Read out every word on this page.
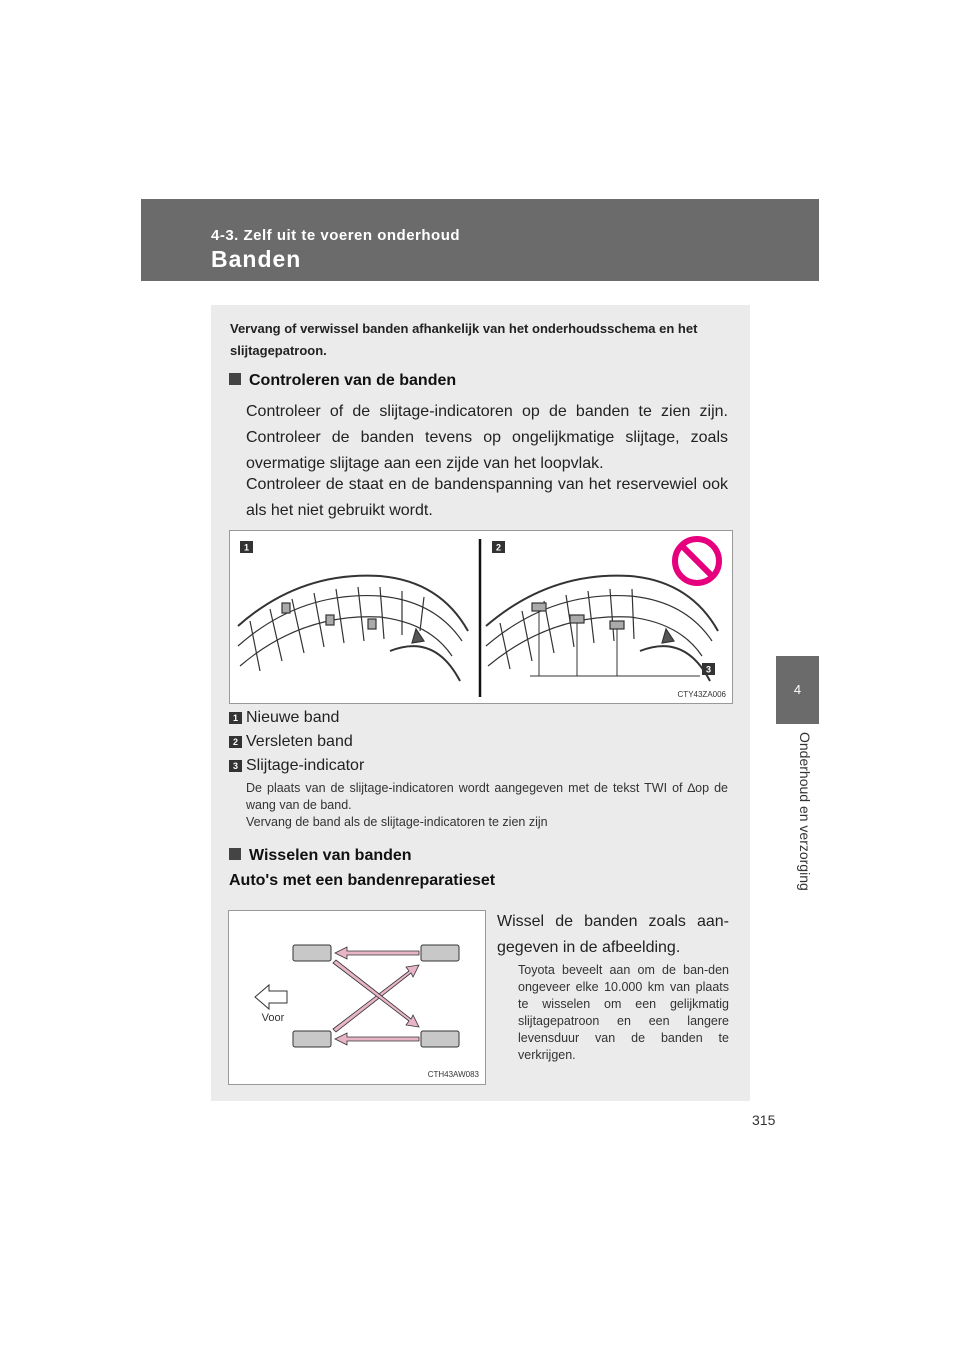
4-3. Zelf uit te voeren onderhoud
Banden
4
Onderhoud en verzorging
Vervang of verwissel banden afhankelijk van het onderhoudsschema en het slijtagepatroon.
Controleren van de banden
Controleer of de slijtage-indicatoren op de banden te zien zijn. Controleer de banden tevens op ongelijkmatige slijtage, zoals overmatige slijtage aan een zijde van het loopvlak.
Controleer de staat en de bandenspanning van het reservewiel ook als het niet gebruikt wordt.
1	2
3
CTY43ZA006
1 Nieuwe band
2 Versleten band
3 Slijtage-indicator
De plaats van de slijtage-indicatoren wordt aangegeven met de tekst TWI of ∆op de wang van de band.
Vervang de band als de slijtage-indicatoren te zien zijn
Wisselen van banden
Auto's met een bandenreparatieset
Voor
CTH43AW083
Wissel de banden zoals aan-gegeven in de afbeelding.
Toyota beveelt aan om de ban-den ongeveer elke 10.000 km van plaats te wisselen om een gelijkmatig slijtagepatroon en een langere levensduur van de banden te verkrijgen.
315
